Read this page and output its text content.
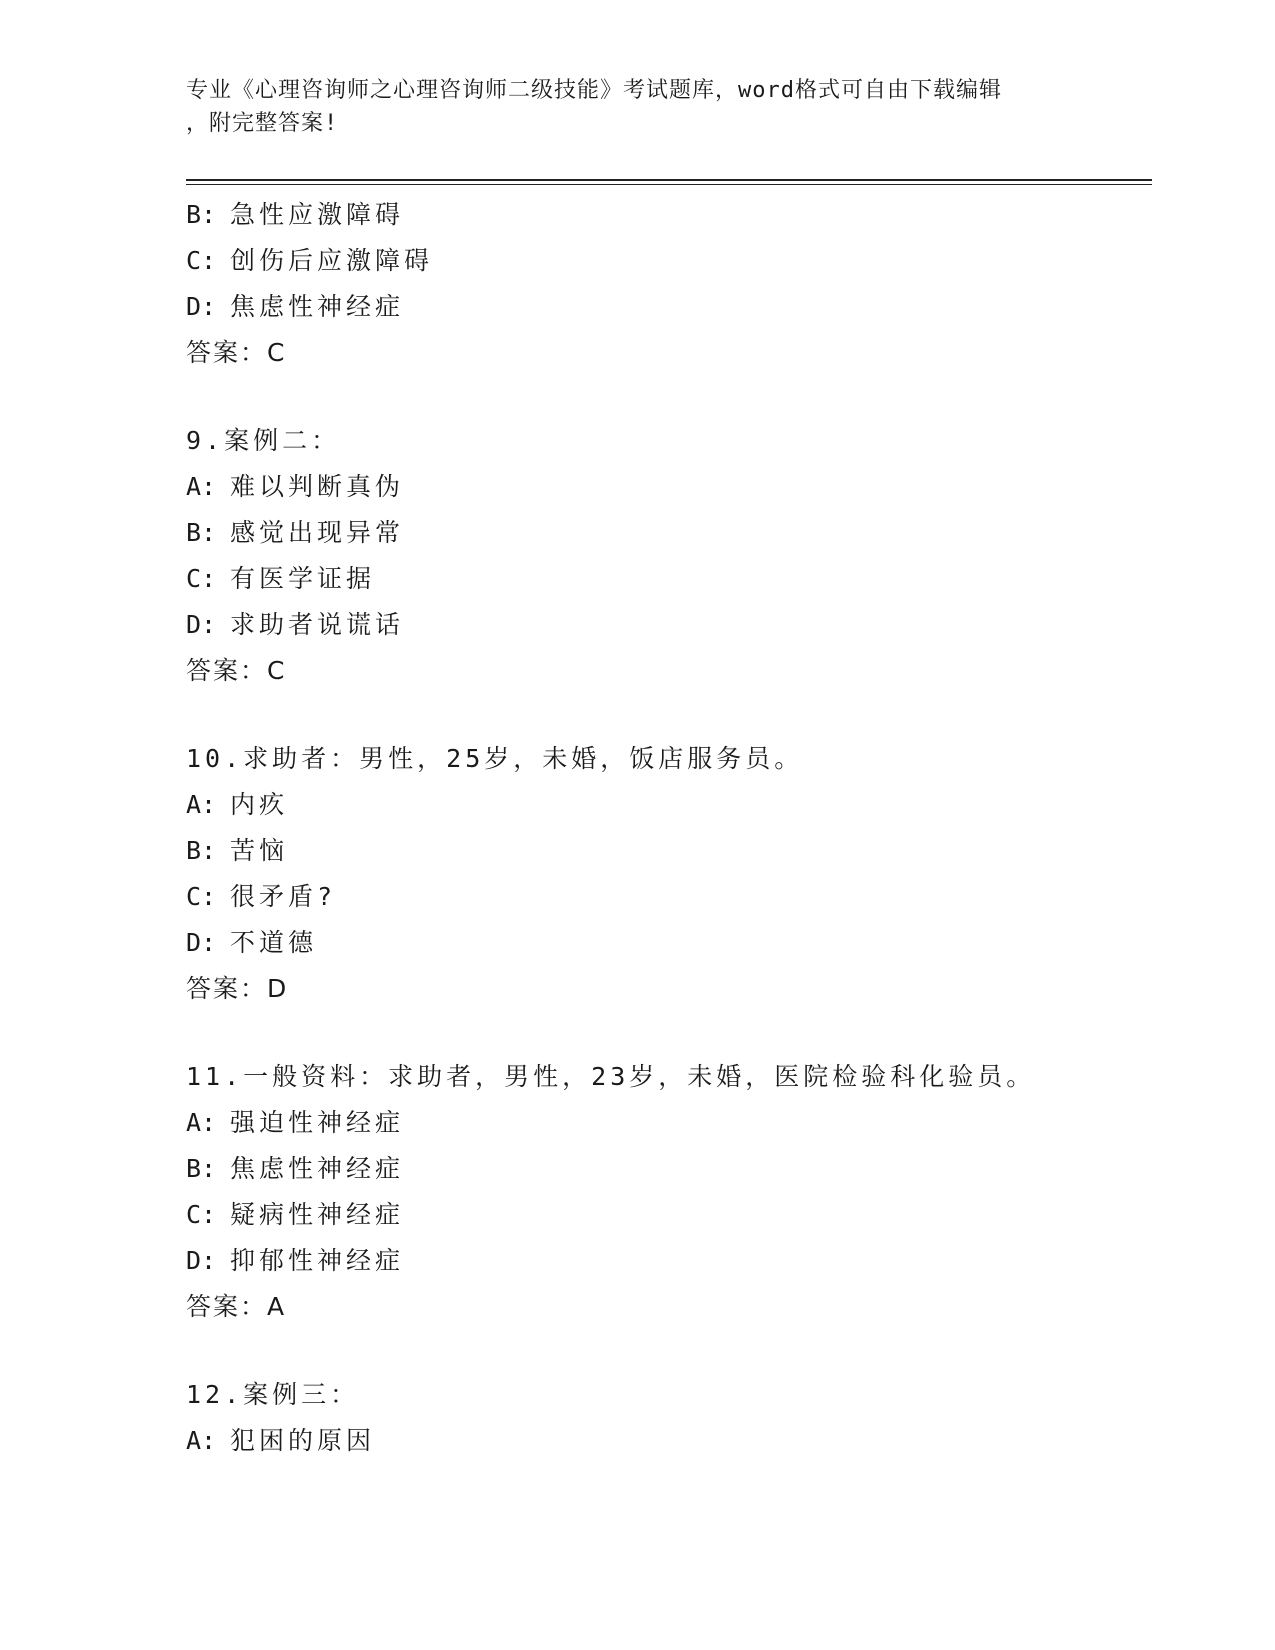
专业《心理咨询师之心理咨询师二级技能》考试题库，word格式可自由下载编辑
，附完整答案!
B: 急性应激障碍
C: 创伤后应激障碍
D: 焦虑性神经症
答案：C
9.案例二：
A: 难以判断真伪
B: 感觉出现异常
C: 有医学证据
D: 求助者说谎话
答案：C
10.求助者：男性，25岁，未婚，饭店服务员。
A: 内疚
B: 苦恼
C: 很矛盾?
D: 不道德
答案：D
11.一般资料：求助者，男性，23岁，未婚，医院检验科化验员。
A: 强迫性神经症
B: 焦虑性神经症
C: 疑病性神经症
D: 抑郁性神经症
答案：A
12.案例三：
A: 犯困的原因
